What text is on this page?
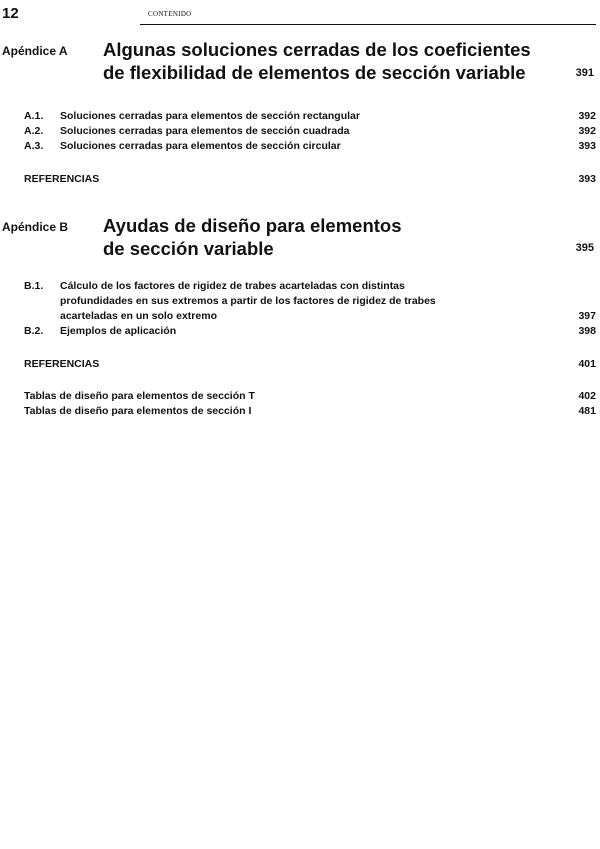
12	CONTENIDO
Apéndice A Algunas soluciones cerradas de los coeficientes
de flexibilidad de elementos de sección variable	391
A.1. Soluciones cerradas para elementos de sección rectangular	392
A.2. Soluciones cerradas para elementos de sección cuadrada	392
A.3. Soluciones cerradas para elementos de sección circular	393
REFERENCIAS	393
Apéndice B Ayudas de diseño para elementos
de sección variable	395
B.1. Cálculo de los factores de rigidez de trabes acarteladas con distintas profundidades en sus extremos a partir de los factores de rigidez de trabes acarteladas en un solo extremo	397
B.2. Ejemplos de aplicación	398
REFERENCIAS	401
Tablas de diseño para elementos de sección T	402
Tablas de diseño para elementos de sección I	481
